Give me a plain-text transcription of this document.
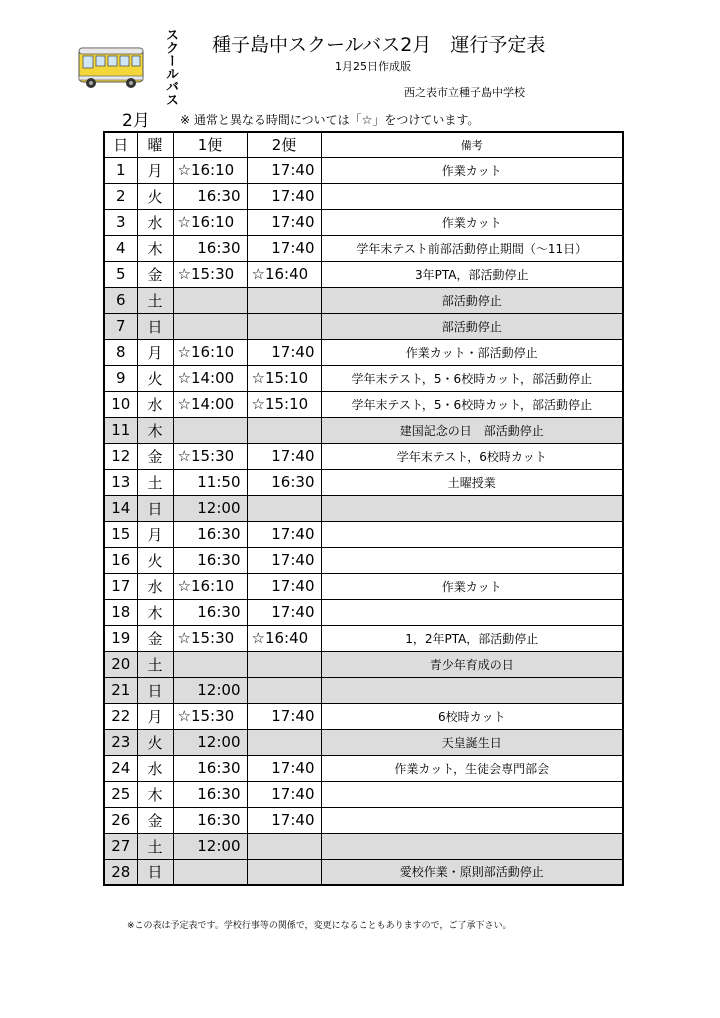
スクールバス 種子島中スクールバス2月　運行予定表
1月25日作成版
西之表市立種子島中学校
2月	※ 通常と異なる時間については「☆」をつけています。
日	曜	1便	2便	備考
1	月	☆16:10	17:40	作業カット
2	火	16:30	17:40	
3	水	☆16:10	17:40	作業カット
4	木	16:30	17:40	学年末テスト前部活動停止期間（～11日）
5	金	☆15:30	☆16:40	3年PTA，部活動停止
6	土			部活動停止
7	日			部活動停止
8	月	☆16:10	17:40	作業カット・部活動停止
9	火	☆14:00	☆15:10	学年末テスト，5・6校時カット，部活動停止
10	水	☆14:00	☆15:10	学年末テスト，5・6校時カット，部活動停止
11	木			建国記念の日　部活動停止
12	金	☆15:30	17:40	学年末テスト，6校時カット
13	土	11:50	16:30	土曜授業
14	日	12:00		
15	月	16:30	17:40	
16	火	16:30	17:40	
17	水	☆16:10	17:40	作業カット
18	木	16:30	17:40	
19	金	☆15:30	☆16:40	1，2年PTA，部活動停止
20	土			青少年育成の日
21	日	12:00		
22	月	☆15:30	17:40	6校時カット
23	火	12:00		天皇誕生日
24	水	16:30	17:40	作業カット，生徒会専門部会
25	木	16:30	17:40	
26	金	16:30	17:40	
27	土	12:00		
28	日			愛校作業・原則部活動停止
※この表は予定表です。学校行事等の関係で，変更になることもありますので，ご了承下さい。
